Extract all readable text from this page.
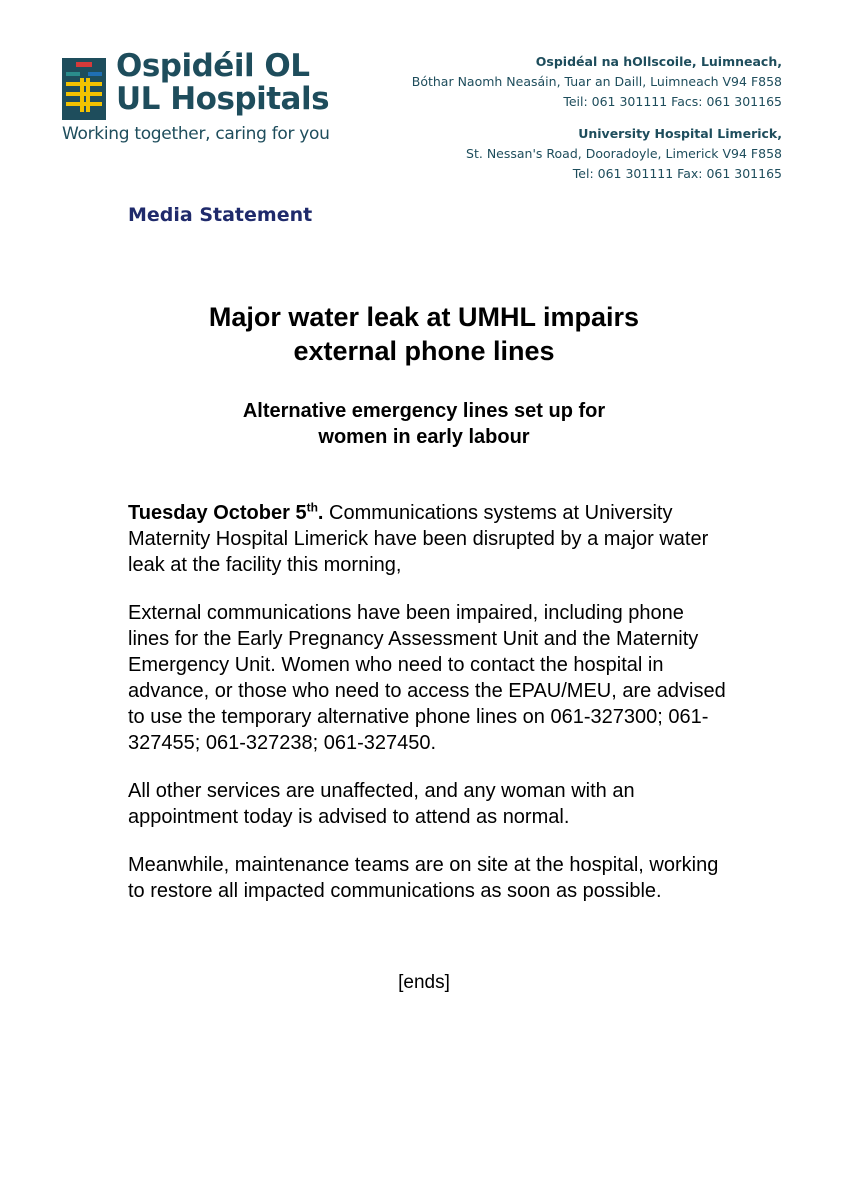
Ospidéil OL
UL Hospitals
Working together, caring for you
Ospidéal na hOllscoile, Luimneach,
Bóthar Naomh Neasáin, Tuar an Daill, Luimneach V94 F858
Teil: 061 301111 Facs: 061 301165
University Hospital Limerick,
St. Nessan's Road, Dooradoyle, Limerick V94 F858
Tel: 061 301111 Fax: 061 301165
Media Statement
Major water leak at UMHL impairs
external phone lines
Alternative emergency lines set up for
women in early labour

Tuesday October 5th. Communications systems at University Maternity Hospital Limerick have been disrupted by a major water leak at the facility this morning,

External communications have been impaired, including phone lines for the Early Pregnancy Assessment Unit and the Maternity Emergency Unit. Women who need to contact the hospital in advance, or those who need to access the EPAU/MEU, are advised to use the temporary alternative phone lines on 061-327300; 061-327455; 061-327238; 061-327450.

All other services are unaffected, and any woman with an appointment today is advised to attend as normal.

Meanwhile, maintenance teams are on site at the hospital, working to restore all impacted communications as soon as possible.

[ends]
